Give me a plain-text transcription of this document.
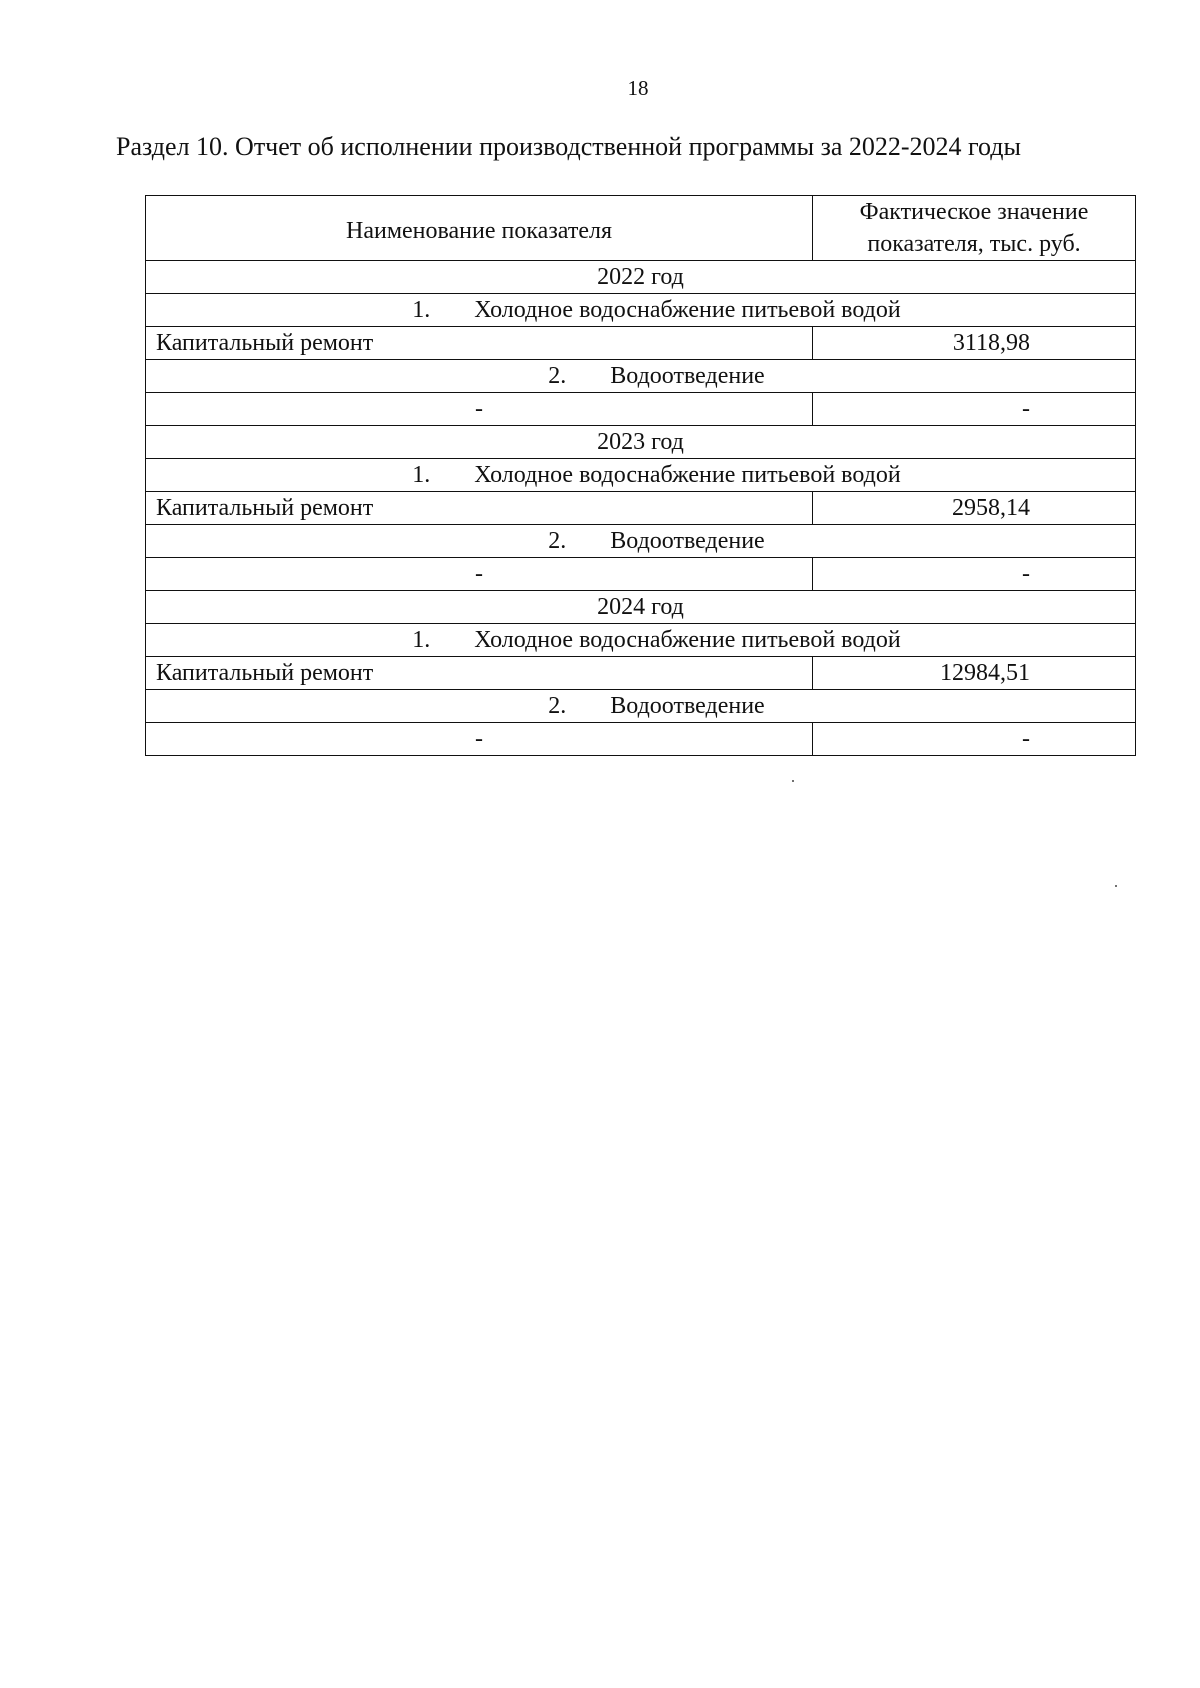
18
Раздел 10. Отчет об исполнении производственной программы за 2022-2024 годы
Наименование показателя	Фактическое значение показателя, тыс. руб.
2022 год	
1. Холодное водоснабжение питьевой водой	
Капитальный ремонт	3118,98
2. Водоотведение	
-	-
2023 год	
1. Холодное водоснабжение питьевой водой	
Капитальный ремонт	2958,14
2. Водоотведение	
-	-
2024 год	
1. Холодное водоснабжение питьевой водой	
Капитальный ремонт	12984,51
2. Водоотведение	
-	-
